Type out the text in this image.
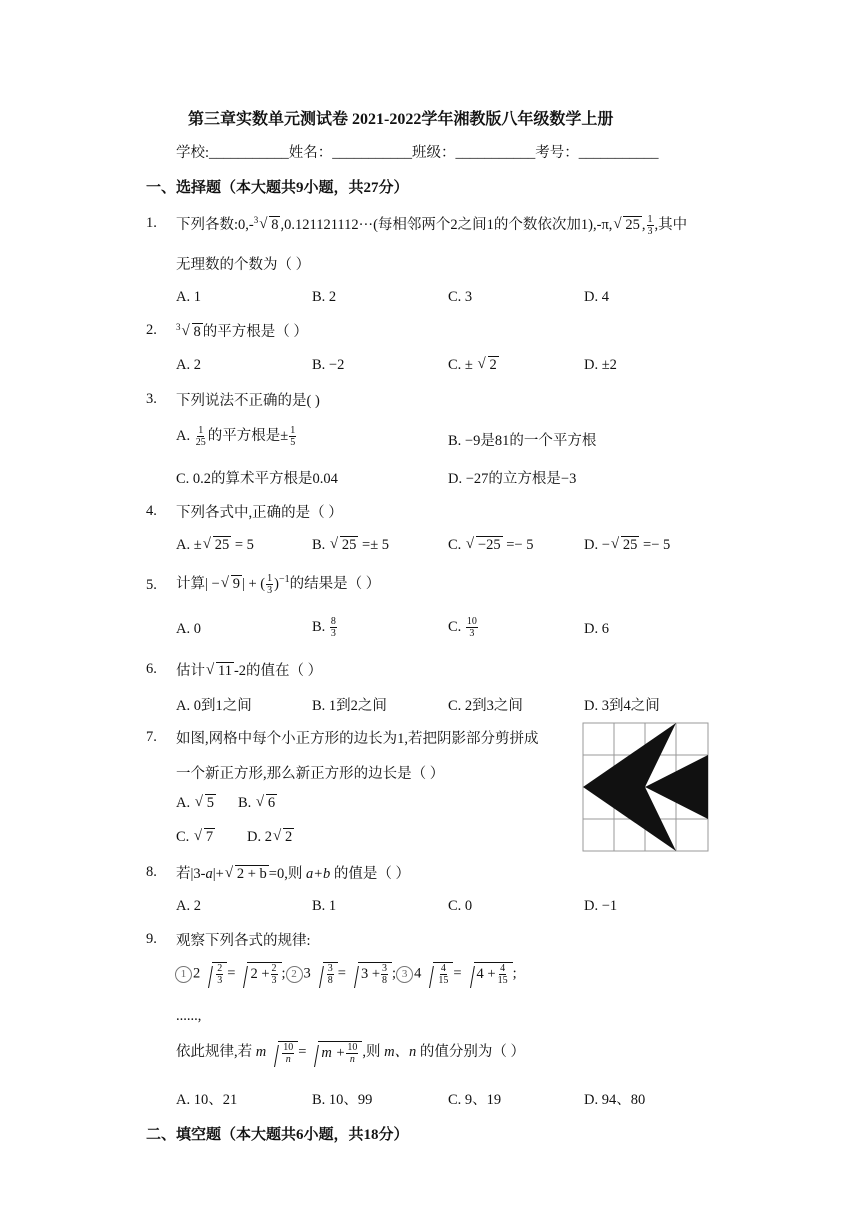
第三章实数单元测试卷 2021-2022学年湘教版八年级数学上册
学校:___________姓名：___________班级：___________考号：___________
一、选择题（本大题共9小题，共27分）
1.	下列各数:0,-$^3$ √ 8 ,0.121121112···(每相邻两个2之间1的个数依次加1),-π, √ 25 , $\frac{1}{3}$ ,其中
无理数的个数为（ ）
A. 1	B. 2	C. 3	D. 4
2.	$^3$ √ 8 的平方根是（ ）
A. 2	B. −2	C. ± √ 2	D. ±2
3.	下列说法不正确的是( )
A. $\frac{1}{25}$ 的平方根是± $\frac{1}{5}$	B. −9是81的一个平方根
C. 0.2的算术平方根是0.04	D. −27的立方根是−3
4.	下列各式中,正确的是（ ）
A. ± √ 25 = 5	B. √ 25 =± 5	C. √ −25 =− 5	D. − √ 25 =− 5
5.	计算| − √ 9 | + ( $\frac{1}{3} )^{-1}$的结果是（ ）
A. 0	B. $\frac{8}{3}$	C. $\frac{10}{3}$	D. 6
6.	估计 √ 11 -2的值在（ ）
A. 0到1之间	B. 1到2之间	C. 2到3之间	D. 3到4之间
7.	如图,网格中每个小正方形的边长为1,若把阴影部分剪拼成
一个新正方形,那么新正方形的边长是（ ）
A. √ 5 B. √ 6
C. √ 7 D. 2 √ 2
8.	若|3-a|+ √ 2 + b =0,则 a+b 的值是（ ）
A. 2	B. 1	C. 0	D. −1
9.	观察下列各式的规律:
1 $2 \frac{2}{3} = 2 + \frac{2}{3}$ ; 2 $3 \frac{3}{8} = 3 + \frac{3}{8}$ ; 3 $4 \frac{4}{15} = 4 + \frac{4}{15}$ ;
......,
依此规律,若 m $\frac{10}{n} = m + \frac{10}{n}$ ,则 m、n 的值分别为（ ）
A. 10、21	B. 10、99	C. 9、19	D. 94、80
二、填空题（本大题共6小题，共18分）
